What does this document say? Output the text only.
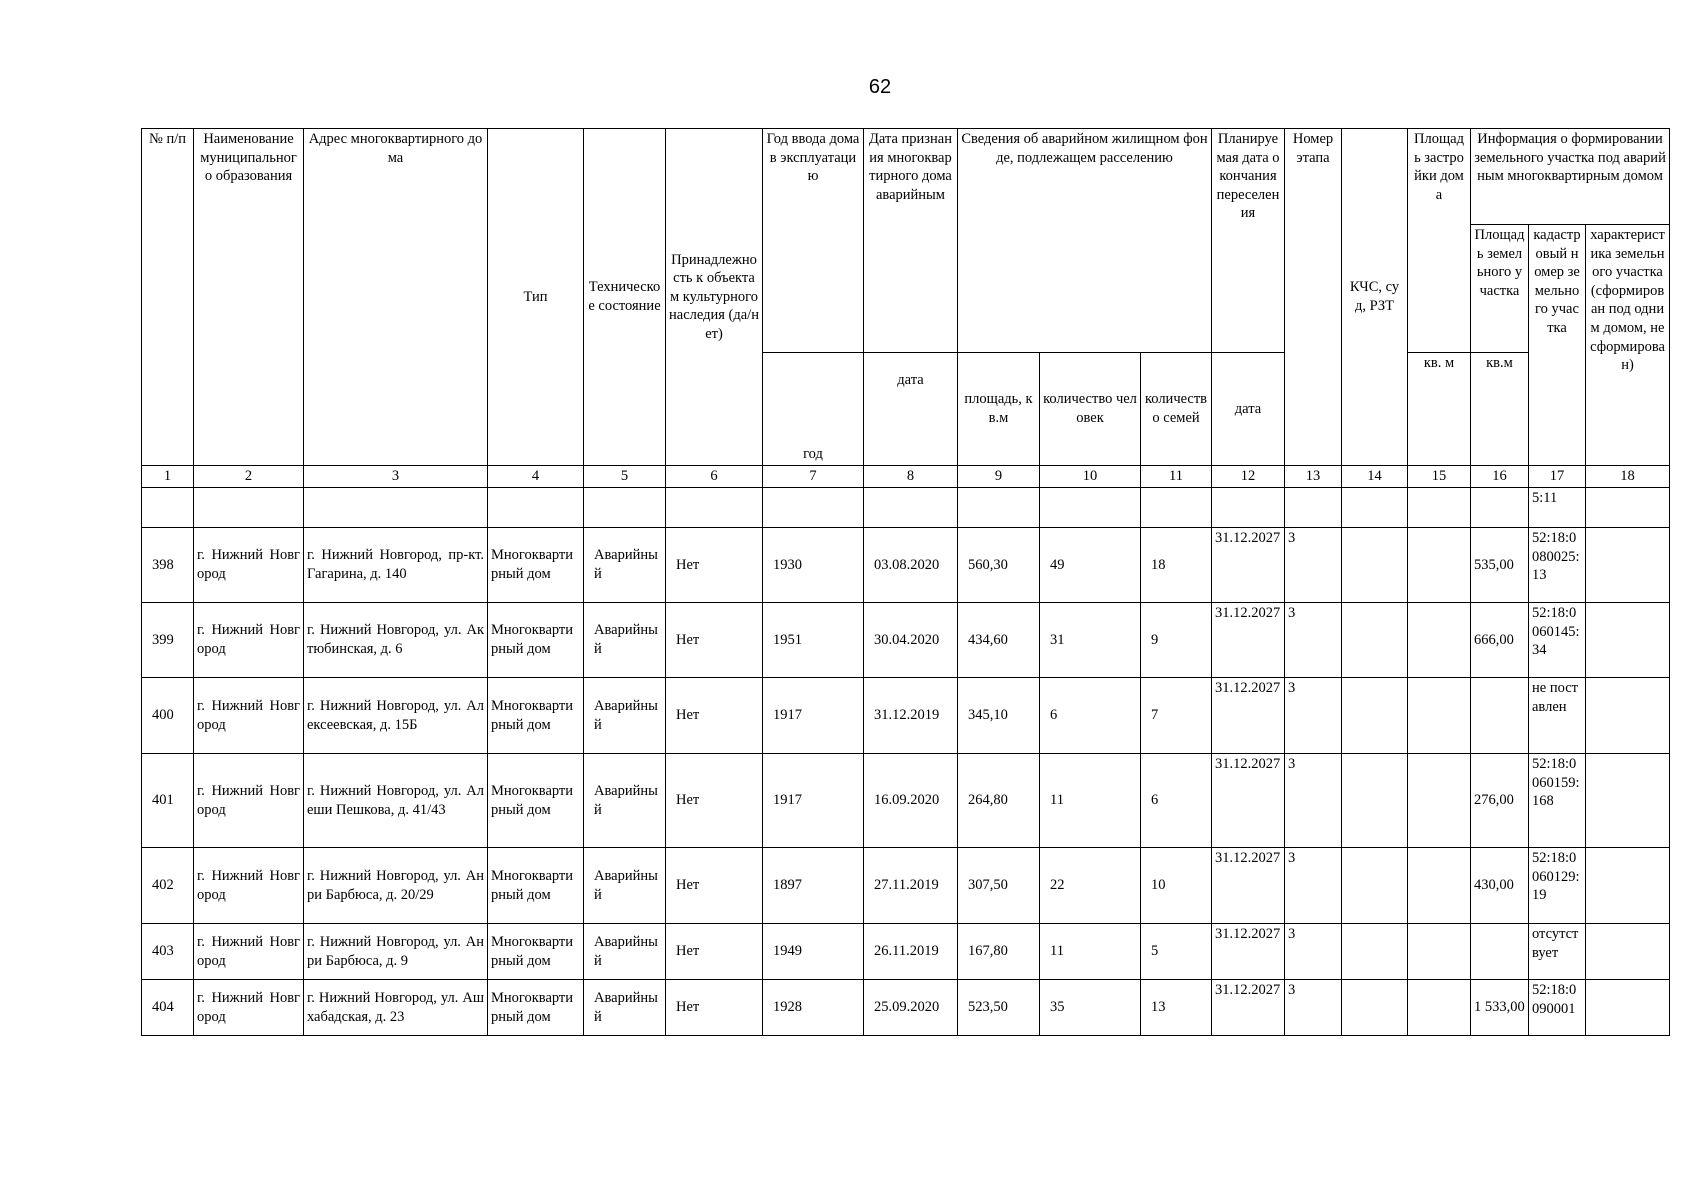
62
№ п/п	Наименование муниципального образования	Адрес многоквартирного дома	Тип	Техническое состояние	Принадлежность к объектам культурного наследия (да/нет)	Год ввода дома в эксплуатацию	Дата признания многоквартирного дома аварийным	Сведения об аварийном жилищном фонде, подлежащем расселению			Планируемая дата окончания переселения	Номер этапа	КЧС, суд, РЗТ	Площадь застройки дома	Информация о формировании земельного участка под аварийным многоквартирным домом		
															Площадь земельного участка	кадастровый номер земельного участка	характеристика земельного участка (сформирован под одним домом, не сформирован)
						год	дата	площадь, кв.м	количество человек	количество семей	дата			кв. м	кв.м		
1	2	3	4	5	6	7	8	9	10	11	12	13	14	15	16	17	18
																5:11	
398	г. Нижний Новгород	г. Нижний Новгород, пр-кт. Гагарина, д. 140	Многоквартирный дом	Аварийный	Нет	1930	03.08.2020	560,30	49	18	31.12.2027	3			535,00	52:18:0080025:13	
399	г. Нижний Новгород	г. Нижний Новгород, ул. Актюбинская, д. 6	Многоквартирный дом	Аварийный	Нет	1951	30.04.2020	434,60	31	9	31.12.2027	3			666,00	52:18:0060145:34	
400	г. Нижний Новгород	г. Нижний Новгород, ул. Алексеевская, д. 15Б	Многоквартирный дом	Аварийный	Нет	1917	31.12.2019	345,10	6	7	31.12.2027	3				не поставлен	
401	г. Нижний Новгород	г. Нижний Новгород, ул. Алеши Пешкова, д. 41/43	Многоквартирный дом	Аварийный	Нет	1917	16.09.2020	264,80	11	6	31.12.2027	3			276,00	52:18:0060159:168	
402	г. Нижний Новгород	г. Нижний Новгород, ул. Анри Барбюса, д. 20/29	Многоквартирный дом	Аварийный	Нет	1897	27.11.2019	307,50	22	10	31.12.2027	3			430,00	52:18:0060129:19	
403	г. Нижний Новгород	г. Нижний Новгород, ул. Анри Барбюса, д. 9	Многоквартирный дом	Аварийный	Нет	1949	26.11.2019	167,80	11	5	31.12.2027	3				отсутствует	
404	г. Нижний Новгород	г. Нижний Новгород, ул. Ашхабадская, д. 23	Многоквартирный дом	Аварийный	Нет	1928	25.09.2020	523,50	35	13	31.12.2027	3			1 533,00	52:18:0090001	
